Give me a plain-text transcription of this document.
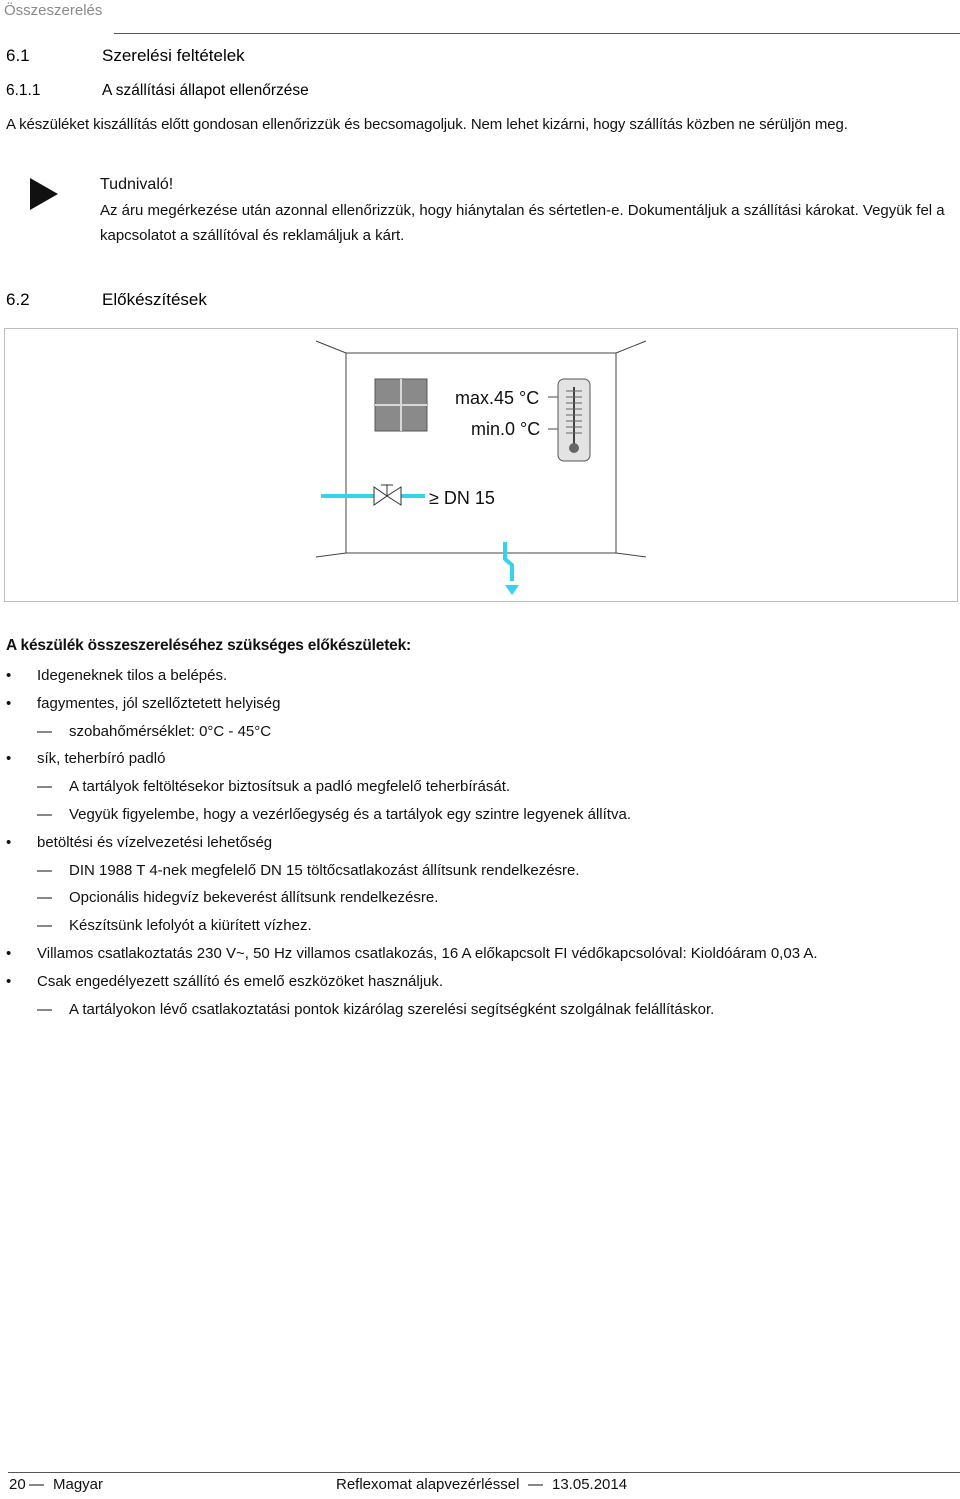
Összeszerelés
6.1	Szerelési feltételek
6.1.1	A szállítási állapot ellenőrzése
A készüléket kiszállítás előtt gondosan ellenőrizzük és becsomagoljuk. Nem lehet kizárni, hogy szállítás közben ne sérüljön meg.
Tudnivaló!
Az áru megérkezése után azonnal ellenőrizzük, hogy hiánytalan és sértetlen-e. Dokumentáljuk a szállítási károkat. Vegyük fel a kapcsolatot a szállítóval és reklamáljuk a kárt.
6.2	Előkészítések
max.45 °C
min.0 °C
≥ DN 15
A készülék összeszereléséhez szükséges előkészületek:
•	Idegeneknek tilos a belépés.
•	fagymentes, jól szellőztetett helyiség
—	szobahőmérséklet: 0°C - 45°C
•	sík, teherbíró padló
—	A tartályok feltöltésekor biztosítsuk a padló megfelelő teherbírását.
—	Vegyük figyelembe, hogy a vezérlőegység és a tartályok egy szintre legyenek állítva.
•	betöltési és vízelvezetési lehetőség
—	DIN 1988 T 4-nek megfelelő DN 15 töltőcsatlakozást állítsunk rendelkezésre.
—	Opcionális hidegvíz bekeverést állítsunk rendelkezésre.
—	Készítsünk lefolyót a kiürített vízhez.
•	Villamos csatlakoztatás 230 V~, 50 Hz villamos csatlakozás, 16 A előkapcsolt FI védőkapcsolóval: Kioldóáram 0,03 A.
•	Csak engedélyezett szállító és emelő eszközöket használjuk.
—	A tartályokon lévő csatlakoztatási pontok kizárólag szerelési segítségként szolgálnak felállításkor.
20 — Magyar	Reflexomat alapvezérléssel — 13.05.2014
